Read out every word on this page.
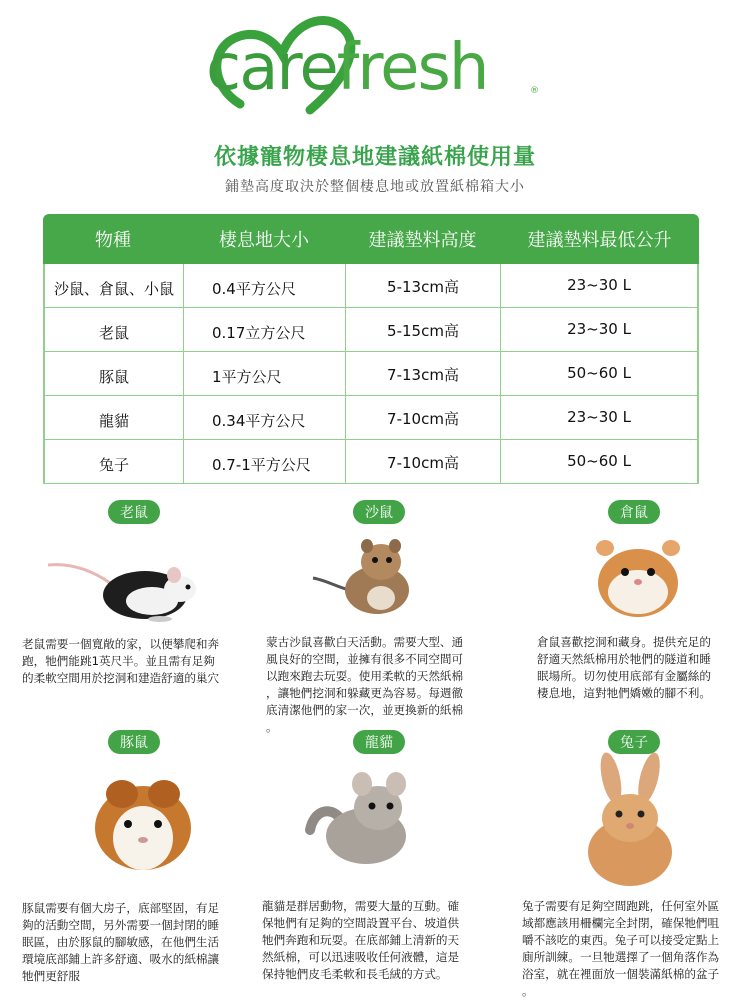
carefresh	®
依據寵物棲息地建議紙棉使用量
鋪墊高度取決於整個棲息地或放置紙棉箱大小
物種	棲息地大小	建議墊料高度	建議墊料最低公升
沙鼠、倉鼠、小鼠	0.4平方公尺	5-13cm高	23~30 L
老鼠	0.17立方公尺	5-15cm高	23~30 L
豚鼠	1平方公尺	7-13cm高	50~60 L
龍貓	0.34平方公尺	7-10cm高	23~30 L
兔子	0.7-1平方公尺	7-10cm高	50~60 L
老鼠
老鼠需要一個寬敞的家，以便攀爬和奔
跑，牠們能跳1英尺半。並且需有足夠
的柔軟空間用於挖洞和建造舒適的巢穴
沙鼠
蒙古沙鼠喜歡白天活動。需要大型、通
風良好的空間，並擁有很多不同空間可
以跑來跑去玩耍。使用柔軟的天然紙棉
，讓牠們挖洞和躲藏更為容易。每週徹
底清潔他們的家一次，並更換新的紙棉
。
倉鼠
倉鼠喜歡挖洞和藏身。提供充足的
舒適天然紙棉用於牠們的隧道和睡
眠場所。切勿使用底部有金屬絲的
棲息地，這對牠們嬌嫩的腳不利。
豚鼠
豚鼠需要有個大房子，底部堅固，有足
夠的活動空間，另外需要一個封閉的睡
眠區，由於豚鼠的腳敏感，在他們生活
環境底部鋪上許多舒適、吸水的紙棉讓
牠們更舒服
龍貓
龍貓是群居動物，需要大量的互動。確
保牠們有足夠的空間設置平台、坡道供
牠們奔跑和玩耍。在底部鋪上清新的天
然紙棉，可以迅速吸收任何液體，這是
保持牠們皮毛柔軟和長毛絨的方式。
兔子
兔子需要有足夠空間跑跳，任何室外區
域都應該用柵欄完全封閉，確保牠們咀
嚼不該吃的東西。兔子可以接受定點上
廁所訓練。一旦牠選擇了一個角落作為
浴室，就在裡面放一個裝滿紙棉的盆子
。
